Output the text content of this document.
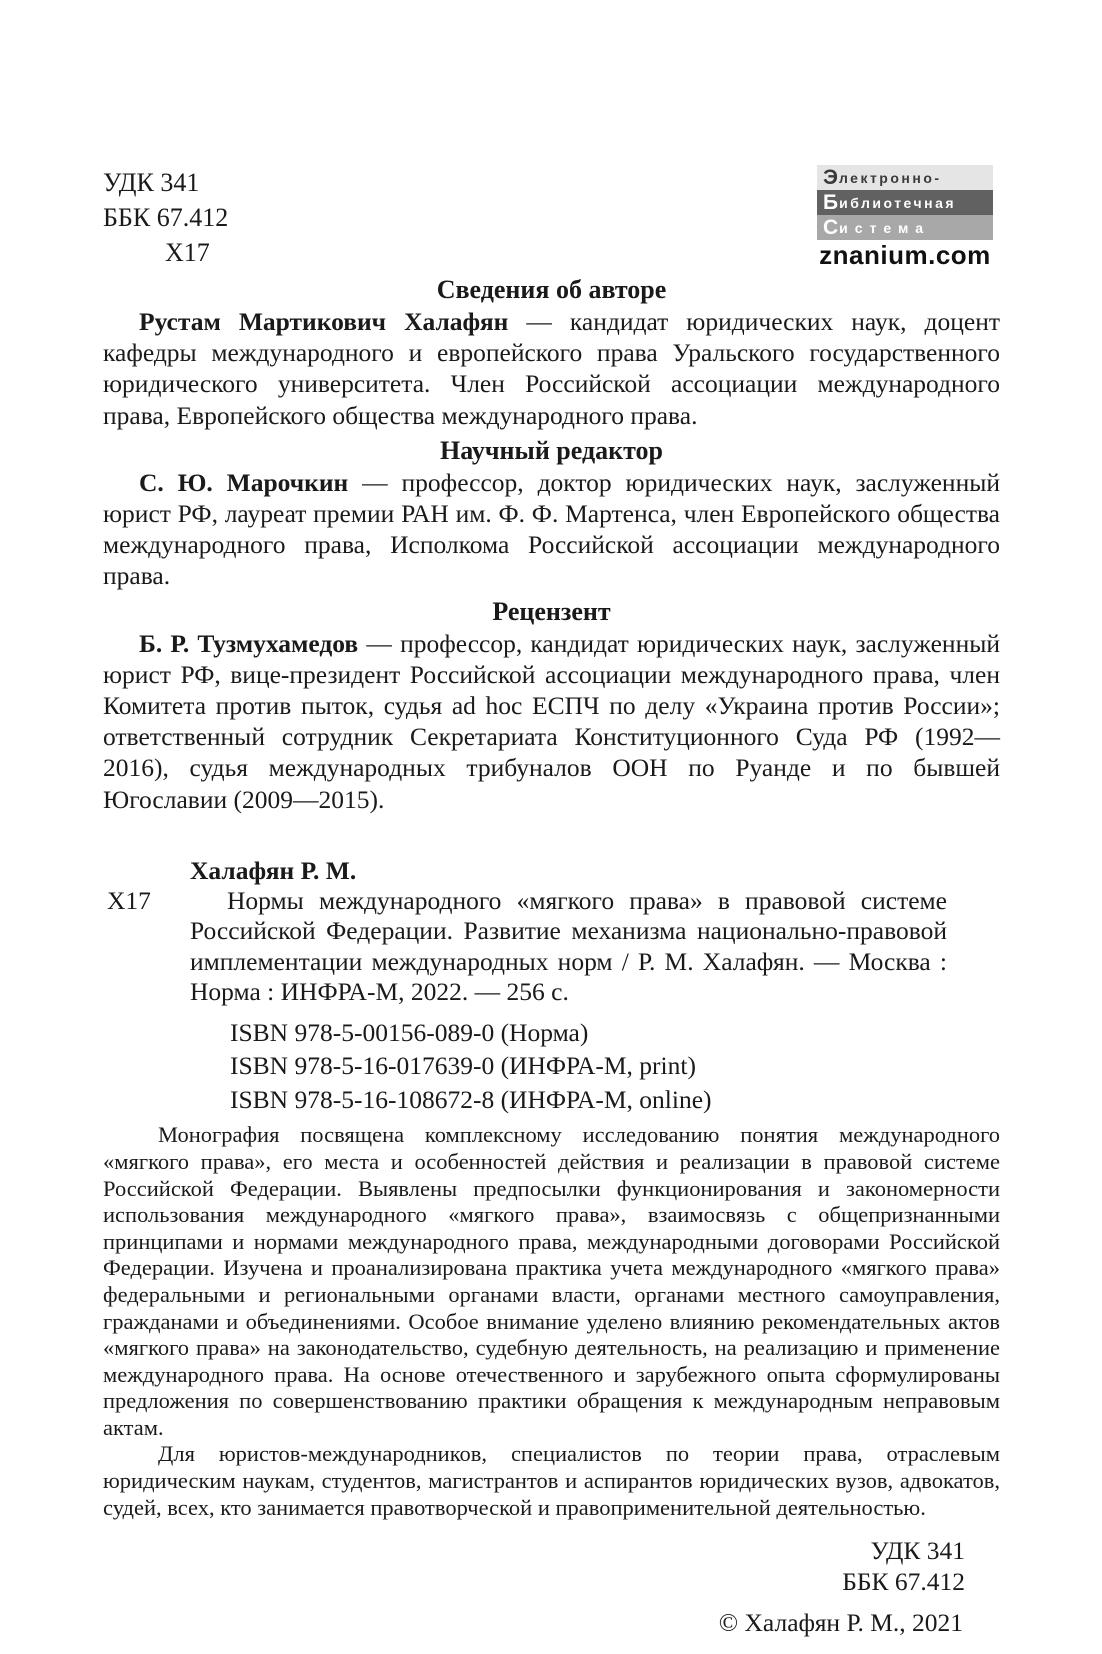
УДК 341
ББК 67.412
Х17
Э лектронно-
Б иблиотечная
С истема
znanium.com
Сведения об авторе

Рустам Мартикович Халафян — кандидат юридических наук, доцент кафедры международного и европейского права Уральского государственного юридического университета. Член Российской ассоциации международного права, Европейского общества международного права.

Научный редактор

С. Ю. Марочкин — профессор, доктор юридических наук, заслуженный юрист РФ, лауреат премии РАН им. Ф. Ф. Мартенса, член Европейского общества международного права, Исполкома Российской ассоциации международного права.

Рецензент

Б. Р. Тузмухамедов — профессор, кандидат юридических наук, заслуженный юрист РФ, вице-президент Российской ассоциации международного права, член Комитета против пыток, судья ad hoc ЕСПЧ по делу «Украина против России»; ответственный сотрудник Секретариата Конституционного Суда РФ (1992—2016), судья международных трибуналов ООН по Руанде и по бывшей Югославии (2009—2015).

Халафян Р. М.

Х17	Нормы международного «мягкого права» в правовой системе Российской Федерации. Развитие механизма национально-правовой имплементации международных норм / Р. М. Халафян. — Москва : Норма : ИНФРА-М, 2022. — 256 с.

ISBN 978-5-00156-089-0 (Норма)
ISBN 978-5-16-017639-0 (ИНФРА-М, print)
ISBN 978-5-16-108672-8 (ИНФРА-М, online)

Монография посвящена комплексному исследованию понятия международного «мягкого права», его места и особенностей действия и реализации в правовой системе Российской Федерации. Выявлены предпосылки функционирования и закономерности использования международного «мягкого права», взаимосвязь с общепризнанными принципами и нормами международного права, международными договорами Российской Федерации. Изучена и проанализирована практика учета международного «мягкого права» федеральными и региональными органами власти, органами местного самоуправления, гражданами и объединениями. Особое внимание уделено влиянию рекомендательных актов «мягкого права» на законодательство, судебную деятельность, на реализацию и применение международного права. На основе отечественного и зарубежного опыта сформулированы предложения по совершенствованию практики обращения к международным неправовым актам.

Для юристов-международников, специалистов по теории права, отраслевым юридическим наукам, студентов, магистрантов и аспирантов юридических вузов, адвокатов, судей, всех, кто занимается правотворческой и правоприменительной деятельностью.

УДК 341
ББК 67.412
© Халафян Р. М., 2021
